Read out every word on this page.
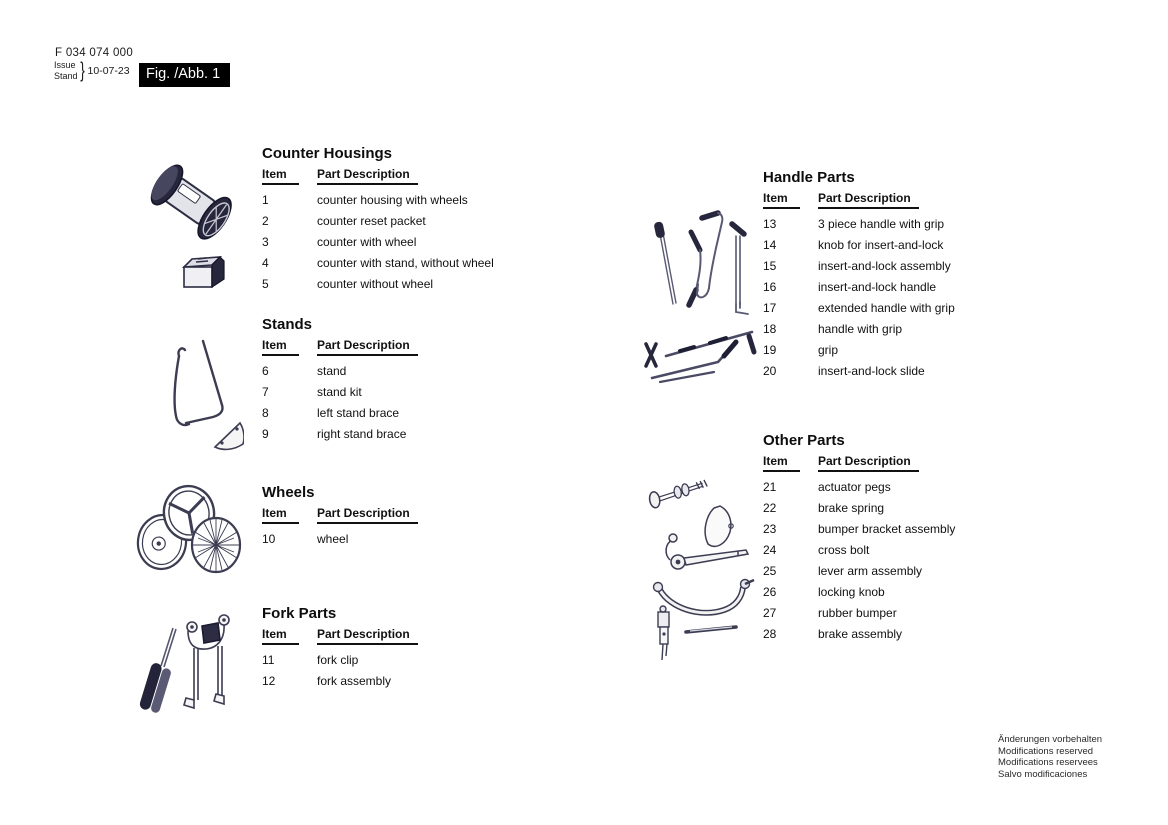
F 034 074 000
Issue
Stand } 10-07-23	Fig. /Abb. 1
Counter Housings
Item	Part Description
1	counter housing with wheels
2	counter reset packet
3	counter with wheel
4	counter with stand, without wheel
5	counter without wheel
Stands
Item	Part Description
6	stand
7	stand kit
8	left stand brace
9	right stand brace
Wheels
Item	Part Description
10	wheel
Fork Parts
Item	Part Description
11	fork clip
12	fork assembly
Handle Parts
Item	Part Description
13	3 piece handle with grip
14	knob for insert-and-lock
15	insert-and-lock assembly
16	insert-and-lock handle
17	extended handle with grip
18	handle with grip
19	grip
20	insert-and-lock slide
Other Parts
Item	Part Description
21	actuator pegs
22	brake spring
23	bumper bracket assembly
24	cross bolt
25	lever arm assembly
26	locking knob
27	rubber bumper
28	brake assembly
Änderungen vorbehalten
Modifications reserved
Modifications reservees
Salvo modificaciones
